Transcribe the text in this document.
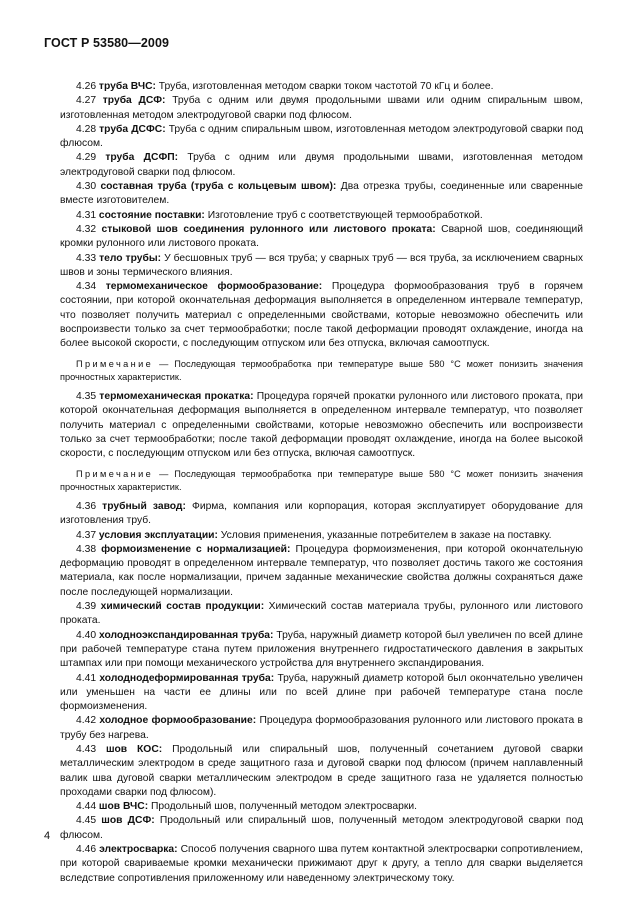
ГОСТ Р 53580—2009

4.26 труба ВЧС: Труба, изготовленная методом сварки током частотой 70 кГц и более.

4.27 труба ДСФ: Труба с одним или двумя продольными швами или одним спиральным швом, изготовленная методом электродуговой сварки под флюсом.

4.28 труба ДСФС: Труба с одним спиральным швом, изготовленная методом электродуговой сварки под флюсом.

4.29 труба ДСФП: Труба с одним или двумя продольными швами, изготовленная методом электродуговой сварки под флюсом.

4.30 составная труба (труба с кольцевым швом): Два отрезка трубы, соединенные или сваренные вместе изготовителем.

4.31 состояние поставки: Изготовление труб с соответствующей термообработкой.

4.32 стыковой шов соединения рулонного или листового проката: Сварной шов, соединяющий кромки рулонного или листового проката.

4.33 тело трубы: У бесшовных труб — вся труба; у сварных труб — вся труба, за исключением сварных швов и зоны термического влияния.

4.34 термомеханическое формообразование: Процедура формообразования труб в горячем состоянии, при которой окончательная деформация выполняется в определенном интервале температур, что позволяет получить материал с определенными свойствами, которые невозможно обеспечить или воспроизвести только за счет термообработки; после такой деформации проводят охлаждение, иногда на более высокой скорости, с последующим отпуском или без отпуска, включая самоотпуск.

Примечание — Последующая термообработка при температуре выше 580 °С может понизить значения прочностных характеристик.

4.35 термомеханическая прокатка: Процедура горячей прокатки рулонного или листового проката, при которой окончательная деформация выполняется в определенном интервале температур, что позволяет получить материал с определенными свойствами, которые невозможно обеспечить или воспроизвести только за счет термообработки; после такой деформации проводят охлаждение, иногда на более высокой скорости, с последующим отпуском или без отпуска, включая самоотпуск.

Примечание — Последующая термообработка при температуре выше 580 °С может понизить значения прочностных характеристик.

4.36 трубный завод: Фирма, компания или корпорация, которая эксплуатирует оборудование для изготовления труб.

4.37 условия эксплуатации: Условия применения, указанные потребителем в заказе на поставку.

4.38 формоизменение с нормализацией: Процедура формоизменения, при которой окончательную деформацию проводят в определенном интервале температур, что позволяет достичь такого же состояния материала, как после нормализации, причем заданные механические свойства должны сохраняться даже после последующей нормализации.

4.39 химический состав продукции: Химический состав материала трубы, рулонного или листового проката.

4.40 холодноэкспандированная труба: Труба, наружный диаметр которой был увеличен по всей длине при рабочей температуре стана путем приложения внутреннего гидростатического давления в закрытых штампах или при помощи механического устройства для внутреннего экспандирования.

4.41 холоднодеформированная труба: Труба, наружный диаметр которой был окончательно увеличен или уменьшен на части ее длины или по всей длине при рабочей температуре стана после формоизменения.

4.42 холодное формообразование: Процедура формообразования рулонного или листового проката в трубу без нагрева.

4.43 шов КОС: Продольный или спиральный шов, полученный сочетанием дуговой сварки металлическим электродом в среде защитного газа и дуговой сварки под флюсом (причем наплавленный валик шва дуговой сварки металлическим электродом в среде защитного газа не удаляется полностью проходами сварки под флюсом).

4.44 шов ВЧС: Продольный шов, полученный методом электросварки.

4.45 шов ДСФ: Продольный или спиральный шов, полученный методом электродуговой сварки под флюсом.

4.46 электросварка: Способ получения сварного шва путем контактной электросварки сопротивлением, при которой свариваемые кромки механически прижимают друг к другу, а тепло для сварки выделяется вследствие сопротивления приложенному или наведенному электрическому току.

4
